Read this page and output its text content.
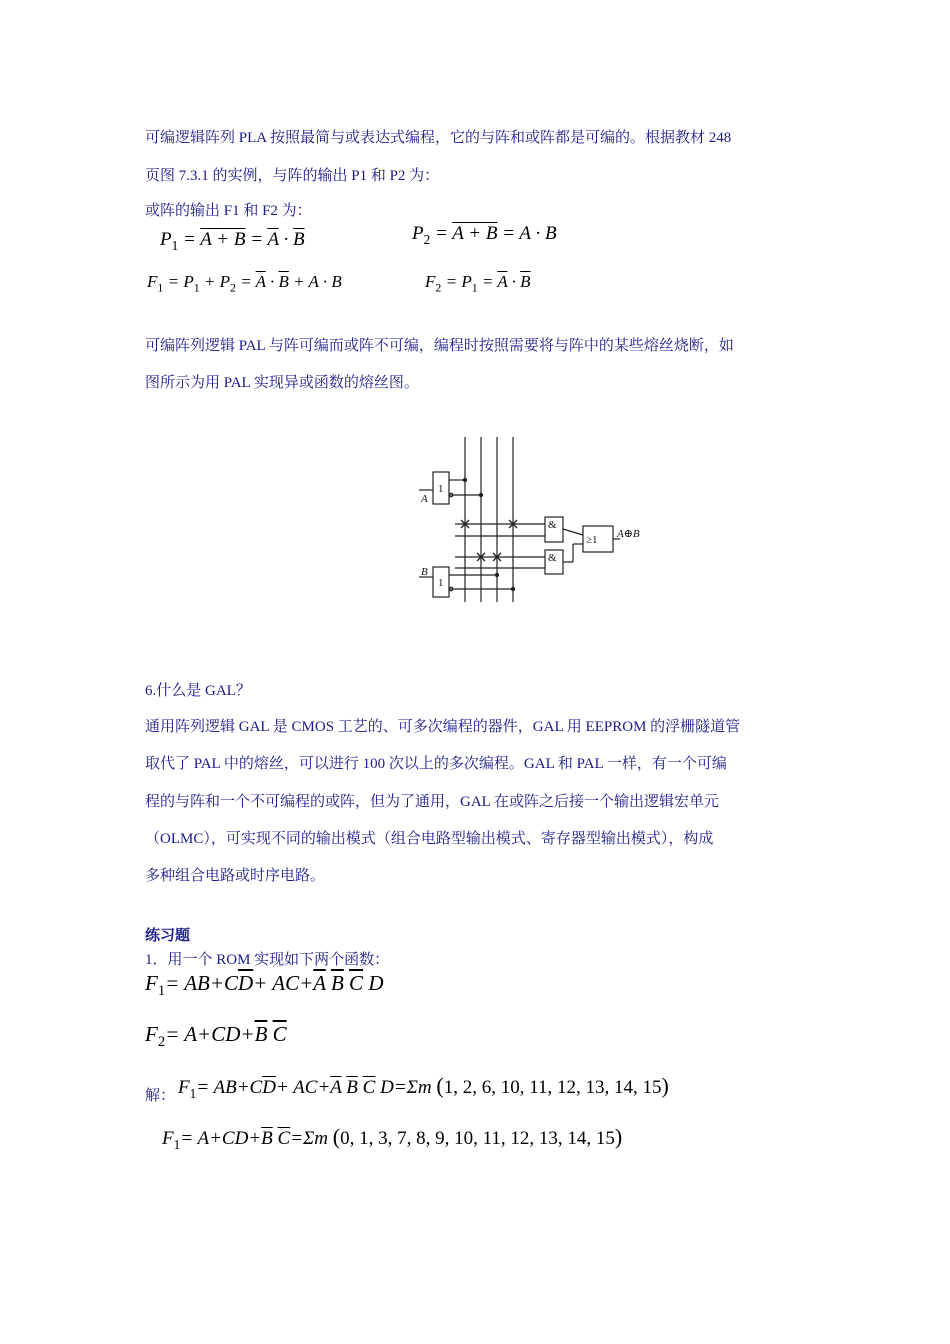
可编逻辑阵列 PLA 按照最简与或表达式编程，它的与阵和或阵都是可编的。根据教材 248
页图 7.3.1 的实例，与阵的输出 P1 和 P2 为：
或阵的输出 F1 和 F2 为：
$P_1 = A + B = \overline{A} \cdot \overline{B}$	$P_2 = A + B = A \cdot B$
$F_1 = P_1 + P_2 = \overline{A} \cdot \overline{B} + A \cdot B$	$F_2 = P_1 = \overline{A} \cdot \overline{B}$
可编阵列逻辑 PAL 与阵可编而或阵不可编，编程时按照需要将与阵中的某些熔丝烧断，如
图所示为用 PAL 实现异或函数的熔丝图。
1
1
A
B
&
&
≥1 A⊕B
6.什么是 GAL？
通用阵列逻辑 GAL 是 CMOS 工艺的、可多次编程的器件，GAL 用 EEPROM 的浮栅隧道管
取代了 PAL 中的熔丝，可以进行 100 次以上的多次编程。GAL 和 PAL 一样，有一个可编
程的与阵和一个不可编程的或阵，但为了通用，GAL 在或阵之后接一个输出逻辑宏单元
（OLMC），可实现不同的输出模式（组合电路型输出模式、寄存器型输出模式），构成
多种组合电路或时序电路。
练习题
1．用一个 ROM 实现如下两个函数：
$F_1= AB+C\overline{D}+ AC+\overline{A}$ $\overline{B}$ $\overline{C}$ D
$F_2= A+CD+\overline{B}$ $\overline{C}$
解： $F_1= AB+C\overline{D}+ AC+\overline{A}$ $\overline{B}$ $\overline{C}$ D=Σm (1, 2, 6, 10, 11, 12, 13, 14, 15)
$F_1= A+CD+\overline{B}$ $\overline{C}=\Sigma m$ (0, 1, 3, 7, 8, 9, 10, 11, 12, 13, 14, 15)
